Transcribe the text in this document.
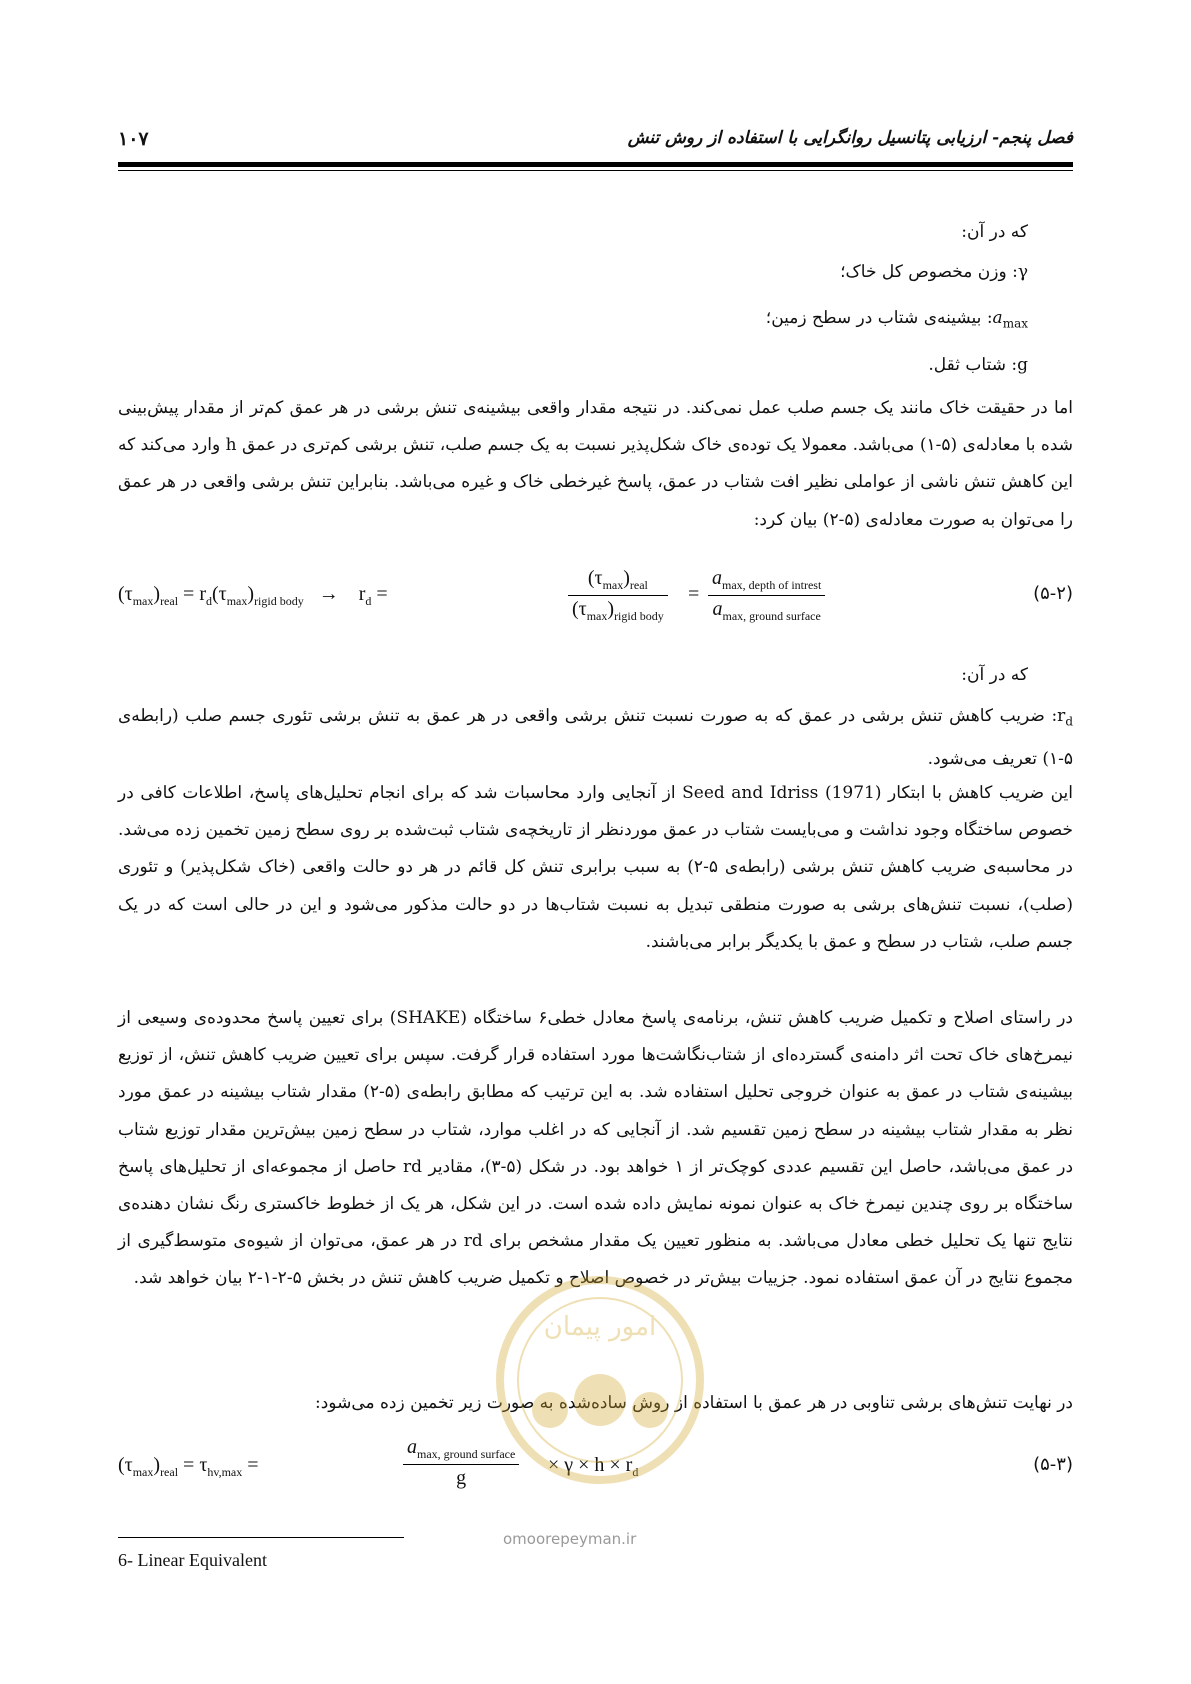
۱۰۷	فصل پنجم- ارزیابی پتانسیل روانگرایی با استفاده از روش تنش
که در آن:
γ: وزن مخصوص کل خاک؛
$a_{max}$: بیشینه‌ی شتاب در سطح زمین؛
g: شتاب ثقل.
اما در حقیقت خاک مانند یک جسم صلب عمل نمی‌کند. در نتیجه مقدار واقعی بیشینه‌ی تنش برشی در هر عمق کم‌تر از مقدار پیش‌بینی شده با معادله‌ی (۵-۱) می‌باشد. معمولا یک توده‌ی خاک شکل‌پذیر نسبت به یک جسم صلب، تنش برشی کم‌تری در عمق h وارد می‌کند که این کاهش تنش ناشی از عواملی نظیر افت شتاب در عمق، پاسخ غیرخطی خاک و غیره می‌باشد. بنابراین تنش برشی واقعی در هر عمق را می‌توان به صورت معادله‌ی (۵-۲) بیان کرد:
$(\tau_{max})_{real} = r_d(\tau_{max})_{rigid body} \to r_d$ =
$(\tau_{max})_{real}$
$(\tau_{max})_{rigid body}$
=
$a_{max, depth of intrest}$
$a_{max, ground surface}$
(۵-۲)
که در آن:
$r_d$: ضریب کاهش تنش برشی در عمق که به صورت نسبت تنش برشی واقعی در هر عمق به تنش برشی تئوری جسم صلب (رابطه‌ی ۵-۱) تعریف می‌شود.
این ضریب کاهش با ابتکار Seed and Idriss (1971) از آنجایی وارد محاسبات شد که برای انجام تحلیل‌های پاسخ، اطلاعات کافی در خصوص ساختگاه وجود نداشت و می‌بایست شتاب در عمق موردنظر از تاریخچه‌ی شتاب ثبت‌شده بر روی سطح زمین تخمین زده می‌شد. در محاسبه‌ی ضریب کاهش تنش برشی (رابطه‌ی ۵-۲) به سبب برابری تنش کل قائم در هر دو حالت واقعی (خاک شکل‌پذیر) و تئوری (صلب)، نسبت تنش‌های برشی به صورت منطقی تبدیل به نسبت شتاب‌ها در دو حالت مذکور می‌شود و این در حالی است که در یک جسم صلب، شتاب در سطح و عمق با یکدیگر برابر می‌باشند.
در راستای اصلاح و تکمیل ضریب کاهش تنش، برنامه‌ی پاسخ معادل خطی۶ ساختگاه (SHAKE) برای تعیین پاسخ محدوده‌ی وسیعی از نیمرخ‌های خاک تحت اثر دامنه‌ی گسترده‌ای از شتاب‌نگاشت‌ها مورد استفاده قرار گرفت. سپس برای تعیین ضریب کاهش تنش، از توزیع بیشینه‌ی شتاب در عمق به عنوان خروجی تحلیل استفاده شد. به این ترتیب که مطابق رابطه‌ی (۵-۲) مقدار شتاب بیشینه در عمق مورد نظر به مقدار شتاب بیشینه در سطح زمین تقسیم شد. از آنجایی که در اغلب موارد، شتاب در سطح زمین بیش‌ترین مقدار توزیع شتاب در عمق می‌باشد، حاصل این تقسیم عددی کوچک‌تر از ۱ خواهد بود. در شکل (۵-۳)، مقادیر rd حاصل از مجموعه‌ای از تحلیل‌های پاسخ ساختگاه بر روی چندین نیمرخ خاک به عنوان نمونه نمایش داده شده است. در این شکل، هر یک از خطوط خاکستری رنگ نشان دهنده‌ی نتایج تنها یک تحلیل خطی معادل می‌باشد. به منظور تعیین یک مقدار مشخص برای rd در هر عمق، می‌توان از شیوه‌ی متوسط‌گیری از مجموع نتایج در آن عمق استفاده نمود. جزییات بیش‌تر در خصوص اصلاح و تکمیل ضریب کاهش تنش در بخش ۵-۲-۱-۲ بیان خواهد شد.
در نهایت تنش‌های برشی تناوبی در هر عمق با استفاده از روش ساده‌شده به صورت زیر تخمین زده می‌شود:
$(\tau_{max})_{real} = \tau_{hv,max}$ =
$a_{max, ground surface}$
g
× $\gamma \times h \times r_d$	(۵-۳)
امور پیمان
omoorepeyman.ir
6- Linear Equivalent
